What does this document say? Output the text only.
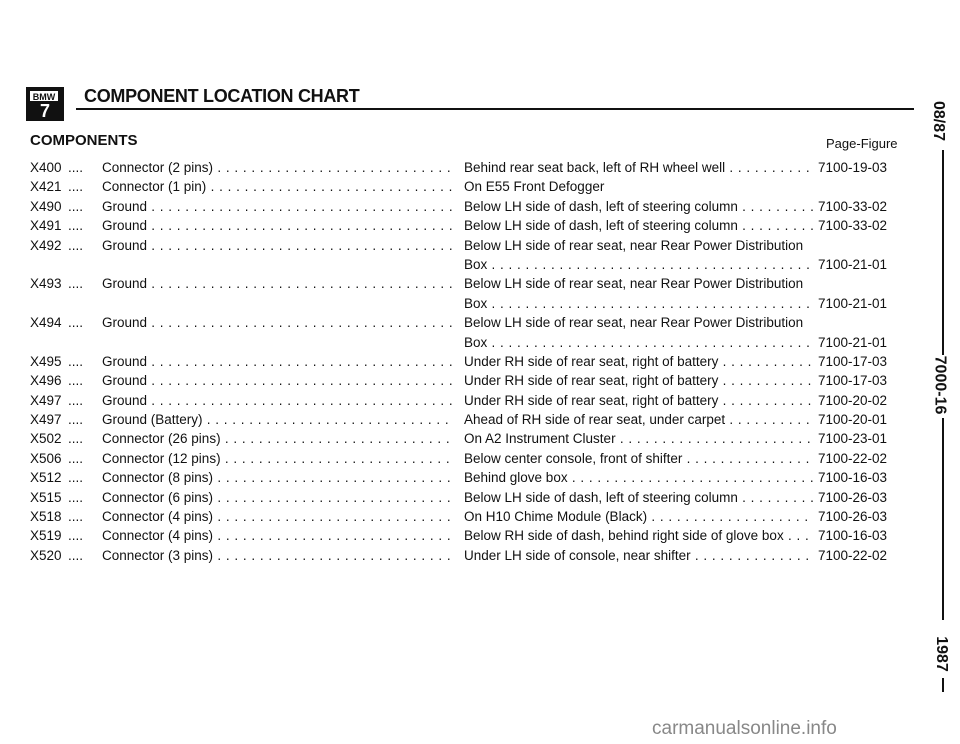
BMW
7
COMPONENT LOCATION CHART
COMPONENTS	Page-Figure
X400 .... Connector (2 pins) . . .	Behind rear seat back, left of RH wheel well . . .	7100-19-03
X421 .... Connector (1 pin) . . .	On E55 Front Defogger
X490 .... Ground . . .	Below LH side of dash, left of steering column . . .	7100-33-02
X491 .... Ground . . .	Below LH side of dash, left of steering column . . .	7100-33-02
X492 .... Ground . . .	Below LH side of rear seat, near Rear Power Distribution
Box . . .	7100-21-01
X493 .... Ground . . .	Below LH side of rear seat, near Rear Power Distribution
Box . . .	7100-21-01
X494 .... Ground . . .	Below LH side of rear seat, near Rear Power Distribution
Box . . .	7100-21-01
X495 .... Ground . . .	Under RH side of rear seat, right of battery . . .	7100-17-03
X496 .... Ground . . .	Under RH side of rear seat, right of battery . . .	7100-17-03
X497 .... Ground . . .	Under RH side of rear seat, right of battery . . .	7100-20-02
X497 .... Ground (Battery) . . .	Ahead of RH side of rear seat, under carpet . . .	7100-20-01
X502 .... Connector (26 pins) . . .	On A2 Instrument Cluster . . .	7100-23-01
X506 .... Connector (12 pins) . . .	Below center console, front of shifter . . .	7100-22-02
X512 .... Connector (8 pins) . . .	Behind glove box . . .	7100-16-03
X515 .... Connector (6 pins) . . .	Below LH side of dash, left of steering column . . .	7100-26-03
X518 .... Connector (4 pins) . . .	On H10 Chime Module (Black) . . .	7100-26-03
X519 .... Connector (4 pins) . . .	Below RH side of dash, behind right side of glove box . . .	7100-16-03
X520 .... Connector (3 pins) . . .	Under LH side of console, near shifter . . .	7100-22-02
08/87
7000-16
1987
carmanualsonline.info
